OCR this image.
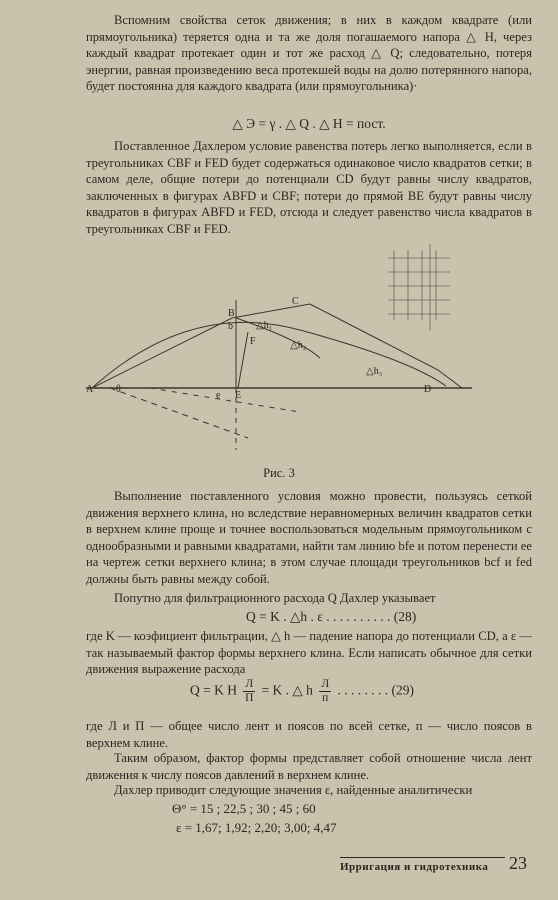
Вспомним свойства сеток движения; в них в каждом квадрате (или прямоугольника) теряется одна и та же доля погашаемого напора △ H, через каждый квадрат протекает один и тот же расход △ Q; следовательно, потеря энергии, равная произведению веса протекшей воды на долю потерянного напора, будет постоянна для каждого квадрата (или прямоугольника)·

△ Э = γ . △ Q . △ H = пост.

Поставленное Дахлером условие равенства потерь легко выполняется, если в треугольниках CBF и FED будет содержаться одинаковое число квадратов сетки; в самом деле, общие потери до потенциали CD будут равны числу квадратов, заключенных в фигурах ABFD и CBF; потери до прямой BE будут равны числу квадратов в фигурах ABFD и FED, отсюда и следует равенство числа квадратов в треугольниках CBF и FED.

A
B
b
C
E
e
F
D
θ
△h₁
△h₂
△h₃
Рис. 3

Выполнение поставленного условия можно провести, пользуясь сеткой движения верхнего клина, но вследствие неравномерных величин квадратов сетки в верхнем клине проще и точнее воспользоваться модельным прямоугольником с однообразными и равными квадратами, найти там линию bfe и потом перенести ее на чертеж сетки верхнего клина; в этом случае площади треугольников bcf и fed должны быть равны между собой.

Попутно для фильтрационного расхода Q Дахлер указывает

Q = K . △h . ε . . . . . . . . . . (28)

где K — коэфициент фильтрации, △ h — падение напора до потенциали CD, а ε — так называемый фактор формы верхнего клина. Если написать обычное для сетки движения выражение расхода

Q = K H $\frac{Л}{П} = K$ . △ h $\frac{Л}{п}$ . . . . . . . . (29)

где Л и П — общее число лент и поясов по всей сетке, п — число поясов в верхнем клине.

Таким образом, фактор формы представляет собой отношение числа лент движения к числу поясов давлений в верхнем клине.

Дахлер приводит следующие значения ε, найденные аналитически

Θ° = 15 ; 22,5 ; 30 ; 45 ; 60
ε = 1,67; 1,92; 2,20; 3,00; 4,47
Ирригация и гидротехника 23
